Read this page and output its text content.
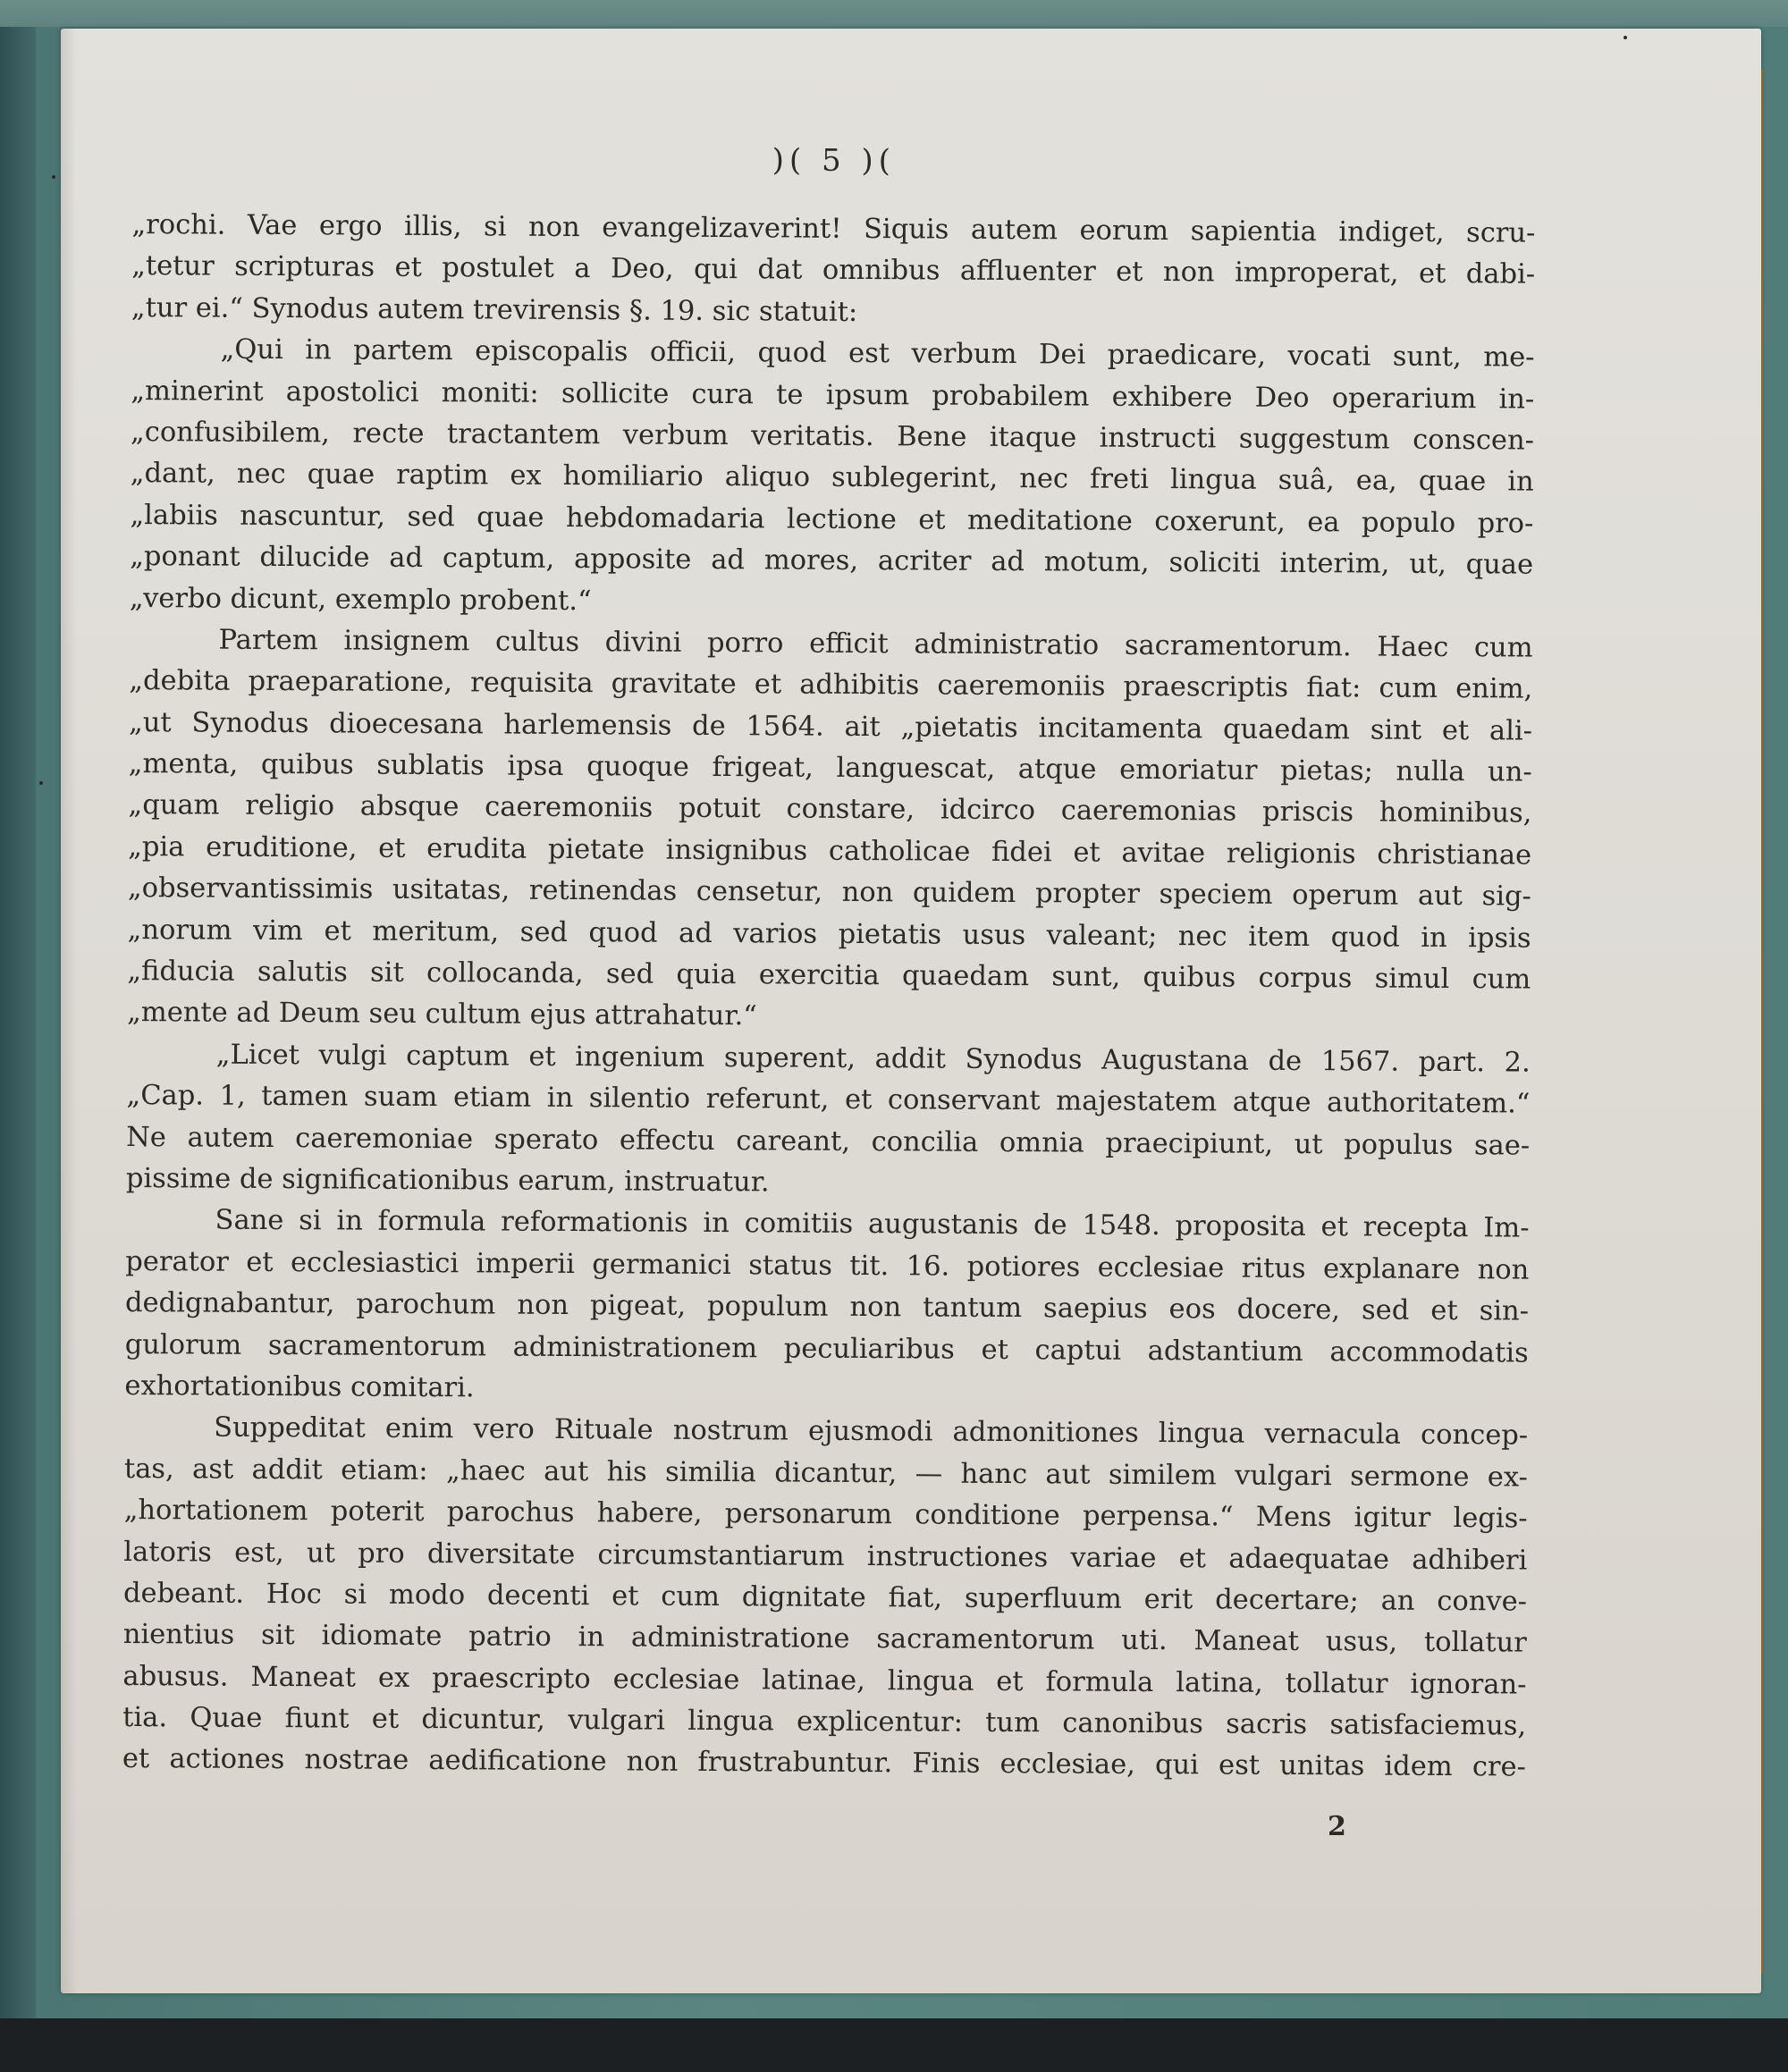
)( 5 )(
„rochi. Vae ergo illis, si non evangelizaverint! Siquis autem eorum sapientia indiget, scru-
„tetur scripturas et postulet a Deo, qui dat omnibus affluenter et non improperat, et dabi-
„tur ei.“ Synodus autem trevirensis §. 19. sic statuit:
„Qui in partem episcopalis officii, quod est verbum Dei praedicare, vocati sunt, me-
„minerint apostolici moniti: sollicite cura te ipsum probabilem exhibere Deo operarium in-
„confusibilem, recte tractantem verbum veritatis. Bene itaque instructi suggestum conscen-
„dant, nec quae raptim ex homiliario aliquo sublegerint, nec freti lingua suâ, ea, quae in
„labiis nascuntur, sed quae hebdomadaria lectione et meditatione coxerunt, ea populo pro-
„ponant dilucide ad captum, apposite ad mores, acriter ad motum, soliciti interim, ut, quae
„verbo dicunt, exemplo probent.“
Partem insignem cultus divini porro efficit administratio sacramentorum. Haec cum
„debita praeparatione, requisita gravitate et adhibitis caeremoniis praescriptis fiat: cum enim,
„ut Synodus dioecesana harlemensis de 1564. ait „pietatis incitamenta quaedam sint et ali-
„menta, quibus sublatis ipsa quoque frigeat, languescat, atque emoriatur pietas; nulla un-
„quam religio absque caeremoniis potuit constare, idcirco caeremonias priscis hominibus,
„pia eruditione, et erudita pietate insignibus catholicae fidei et avitae religionis christianae
„observantissimis usitatas, retinendas censetur, non quidem propter speciem operum aut sig-
„norum vim et meritum, sed quod ad varios pietatis usus valeant; nec item quod in ipsis
„fiducia salutis sit collocanda, sed quia exercitia quaedam sunt, quibus corpus simul cum
„mente ad Deum seu cultum ejus attrahatur.“
„Licet vulgi captum et ingenium superent, addit Synodus Augustana de 1567. part. 2.
„Cap. 1, tamen suam etiam in silentio referunt, et conservant majestatem atque authoritatem.“
Ne autem caeremoniae sperato effectu careant, concilia omnia praecipiunt, ut populus sae-
pissime de significationibus earum, instruatur.
Sane si in formula reformationis in comitiis augustanis de 1548. proposita et recepta Im-
perator et ecclesiastici imperii germanici status tit. 16. potiores ecclesiae ritus explanare non
dedignabantur, parochum non pigeat, populum non tantum saepius eos docere, sed et sin-
gulorum sacramentorum administrationem peculiaribus et captui adstantium accommodatis
exhortationibus comitari.
Suppeditat enim vero Rituale nostrum ejusmodi admonitiones lingua vernacula concep-
tas, ast addit etiam: „haec aut his similia dicantur, — hanc aut similem vulgari sermone ex-
„hortationem poterit parochus habere, personarum conditione perpensa.“ Mens igitur legis-
latoris est, ut pro diversitate circumstantiarum instructiones variae et adaequatae adhiberi
debeant. Hoc si modo decenti et cum dignitate fiat, superfluum erit decertare; an conve-
nientius sit idiomate patrio in administratione sacramentorum uti. Maneat usus, tollatur
abusus. Maneat ex praescripto ecclesiae latinae, lingua et formula latina, tollatur ignoran-
tia. Quae fiunt et dicuntur, vulgari lingua explicentur: tum canonibus sacris satisfaciemus,
et actiones nostrae aedificatione non frustrabuntur. Finis ecclesiae, qui est unitas idem cre-
2
